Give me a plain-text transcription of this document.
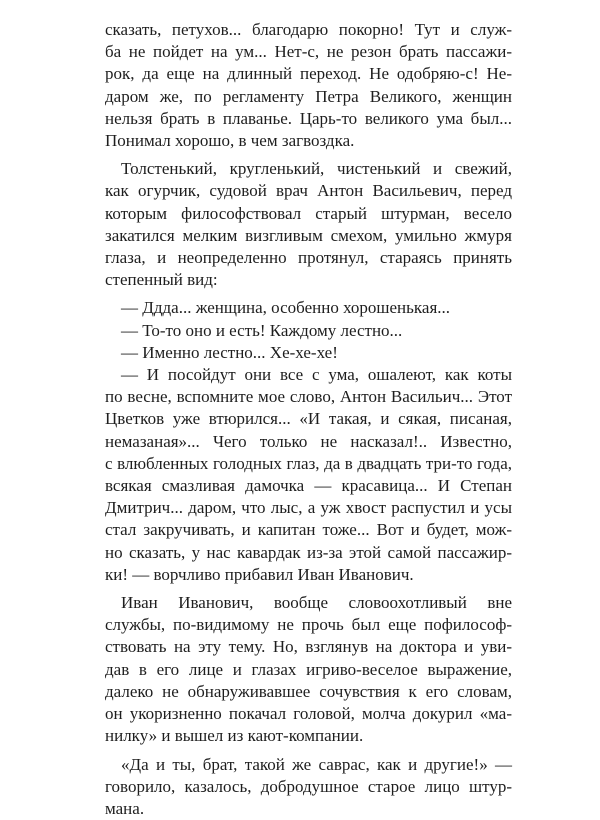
сказать, петухов... благодарю покорно! Тут и служ-
ба не пойдет на ум... Нет-с, не резон брать пассажи-
рок, да еще на длинный переход. Не одобряю-с! Не-
даром же, по регламенту Петра Великого, женщин
нельзя брать в плаванье. Царь-то великого ума был...
Понимал хорошо, в чем загвоздка.

Толстенький, кругленький, чистенький и свежий,
как огурчик, судовой врач Антон Васильевич, перед
которым философствовал старый штурман, весело
закатился мелким визгливым смехом, умильно жмуря
глаза, и неопределенно протянул, стараясь принять
степенный вид:

— Ддда... женщина, особенно хорошенькая...
— То-то оно и есть! Каждому лестно...
— Именно лестно... Хе-хе-хе!

— И посойдут они все с ума, ошалеют, как коты
по весне, вспомните мое слово, Антон Васильич... Этот
Цветков уже втюрился... «И такая, и сякая, писаная,
немазаная»... Чего только не насказал!.. Известно,
с влюбленных голодных глаз, да в двадцать три-то года,
всякая смазливая дамочка — красавица... И Степан
Дмитрич... даром, что лыс, а уж хвост распустил и усы
стал закручивать, и капитан тоже... Вот и будет, мож-
но сказать, у нас кавардак из-за этой самой пассажир-
ки! — ворчливо прибавил Иван Иванович.

Иван Иванович, вообще словоохотливый вне
службы, по-видимому не прочь был еще пофилософ-
ствовать на эту тему. Но, взглянув на доктора и уви-
дав в его лице и глазах игриво-веселое выражение,
далеко не обнаруживавшее сочувствия к его словам,
он укоризненно покачал головой, молча докурил «ма-
нилку» и вышел из кают-компании.

«Да и ты, брат, такой же саврас, как и другие!» —
говорило, казалось, добродушное старое лицо штур-
мана.
